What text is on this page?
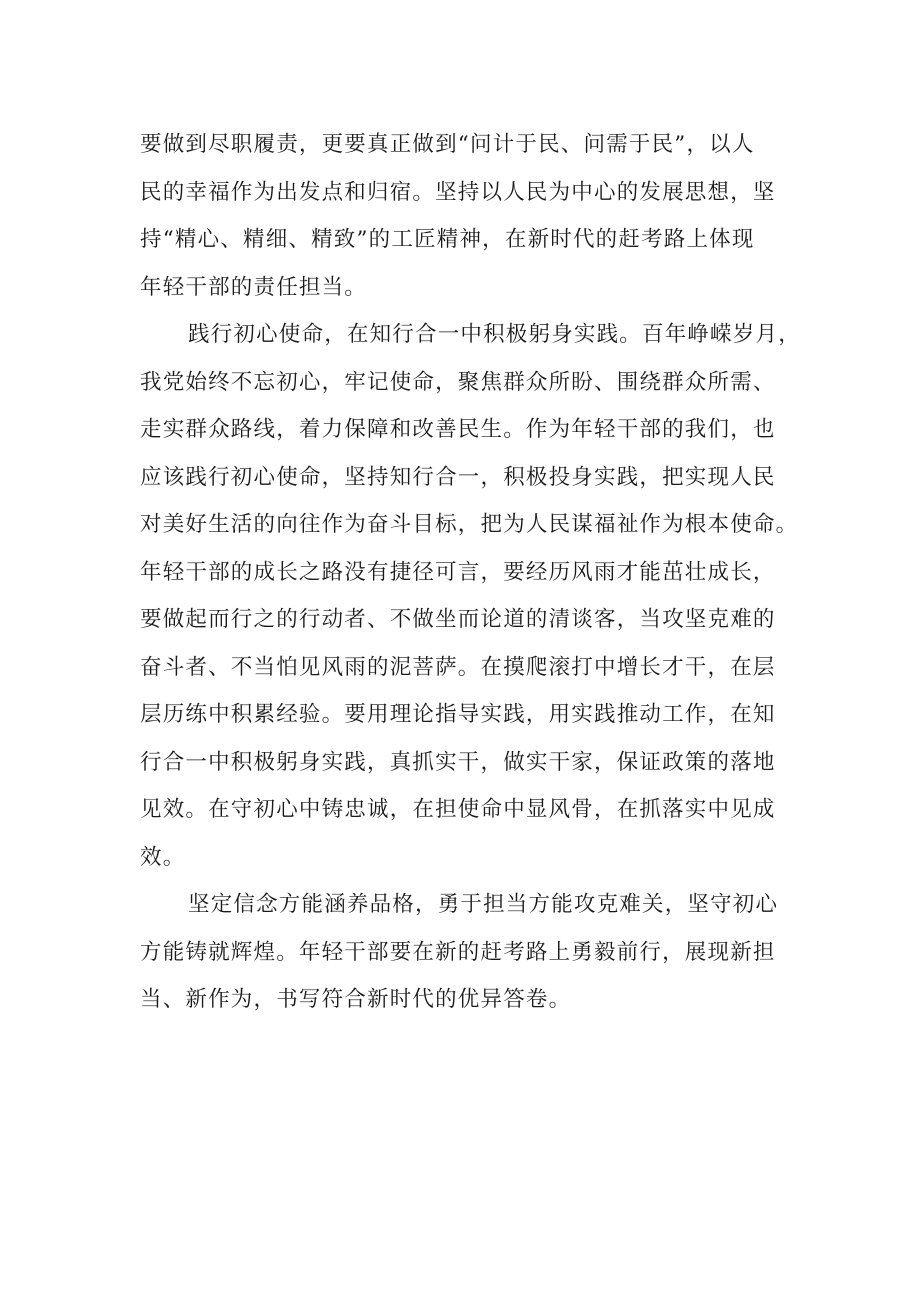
要做到尽职履责，更要真正做到“问计于民、问需于民”，以人
民的幸福作为出发点和归宿。坚持以人民为中心的发展思想，坚
持“精心、精细、精致”的工匠精神，在新时代的赶考路上体现
年轻干部的责任担当。
践行初心使命，在知行合一中积极躬身实践。百年峥嵘岁月，
我党始终不忘初心，牢记使命，聚焦群众所盼、围绕群众所需、
走实群众路线，着力保障和改善民生。作为年轻干部的我们，也
应该践行初心使命，坚持知行合一，积极投身实践，把实现人民
对美好生活的向往作为奋斗目标，把为人民谋福祉作为根本使命。
年轻干部的成长之路没有捷径可言，要经历风雨才能茁壮成长，
要做起而行之的行动者、不做坐而论道的清谈客，当攻坚克难的
奋斗者、不当怕见风雨的泥菩萨。在摸爬滚打中增长才干，在层
层历练中积累经验。要用理论指导实践，用实践推动工作，在知
行合一中积极躬身实践，真抓实干，做实干家，保证政策的落地
见效。在守初心中铸忠诚，在担使命中显风骨，在抓落实中见成
效。
坚定信念方能涵养品格，勇于担当方能攻克难关，坚守初心
方能铸就辉煌。年轻干部要在新的赶考路上勇毅前行，展现新担
当、新作为，书写符合新时代的优异答卷。
